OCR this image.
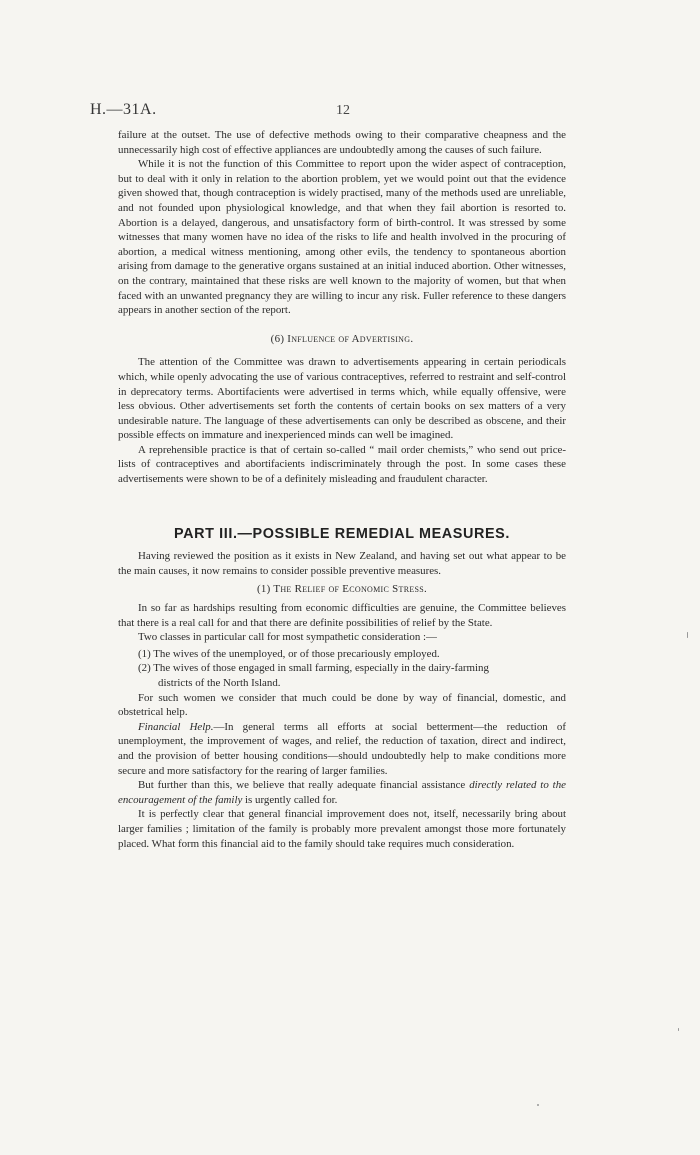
H.—31A.	12

failure at the outset. The use of defective methods owing to their comparative cheapness and the unnecessarily high cost of effective appliances are undoubtedly among the causes of such failure.

While it is not the function of this Committee to report upon the wider aspect of contraception, but to deal with it only in relation to the abortion problem, yet we would point out that the evidence given showed that, though contraception is widely practised, many of the methods used are unreliable, and not founded upon physiological knowledge, and that when they fail abortion is resorted to. Abortion is a delayed, dangerous, and unsatisfactory form of birth-control. It was stressed by some witnesses that many women have no idea of the risks to life and health involved in the procuring of abortion, a medical witness mentioning, among other evils, the tendency to spontaneous abortion arising from damage to the generative organs sustained at an initial induced abortion. Other witnesses, on the contrary, maintained that these risks are well known to the majority of women, but that when faced with an unwanted pregnancy they are willing to incur any risk. Fuller reference to these dangers appears in another section of the report.

(6) Influence of Advertising.

The attention of the Committee was drawn to advertisements appearing in certain periodicals which, while openly advocating the use of various contraceptives, referred to restraint and self-control in deprecatory terms. Abortifacients were advertised in terms which, while equally offensive, were less obvious. Other advertisements set forth the contents of certain books on sex matters of a very undesirable nature. The language of these advertisements can only be described as obscene, and their possible effects on immature and inexperienced minds can well be imagined.

A reprehensible practice is that of certain so-called “ mail order chemists,” who send out price-lists of contraceptives and abortifacients indiscriminately through the post. In some cases these advertisements were shown to be of a definitely misleading and fraudulent character.

PART III.—POSSIBLE REMEDIAL MEASURES.

Having reviewed the position as it exists in New Zealand, and having set out what appear to be the main causes, it now remains to consider possible preventive measures.

(1) The Relief of Economic Stress.

In so far as hardships resulting from economic difficulties are genuine, the Committee believes that there is a real call for and that there are definite possibilities of relief by the State.

Two classes in particular call for most sympathetic consideration :—

(1) The wives of the unemployed, or of those precariously employed.

(2) The wives of those engaged in small farming, especially in the dairy-farming

districts of the North Island.

For such women we consider that much could be done by way of financial, domestic, and obstetrical help.

Financial Help.—In general terms all efforts at social betterment—the reduction of unemployment, the improvement of wages, and relief, the reduction of taxation, direct and indirect, and the provision of better housing conditions—should undoubtedly help to make conditions more secure and more satisfactory for the rearing of larger families.

But further than this, we believe that really adequate financial assistance directly related to the encouragement of the family is urgently called for.

It is perfectly clear that general financial improvement does not, itself, necessarily bring about larger families ; limitation of the family is probably more prevalent amongst those more fortunately placed. What form this financial aid to the family should take requires much consideration.
